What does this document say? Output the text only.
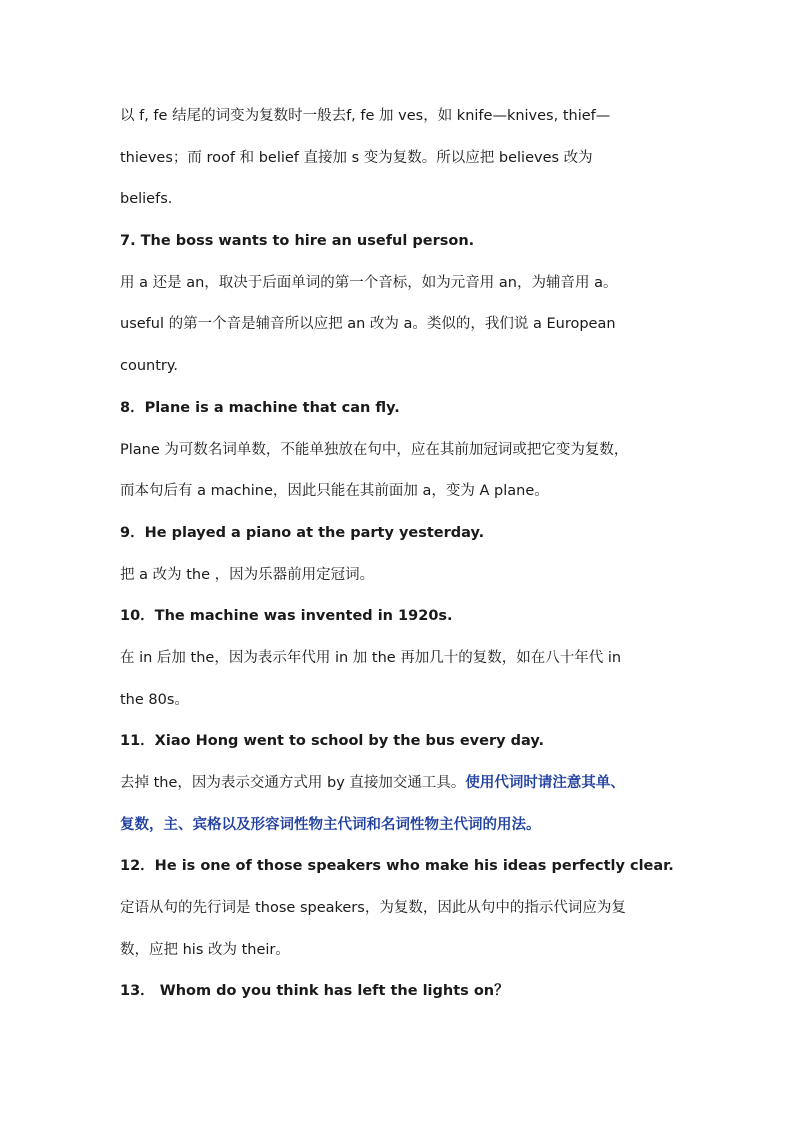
以 f, fe 结尾的词变为复数时一般去f, fe 加 ves，如 knife—knives, thief—
thieves；而 roof 和 belief 直接加 s 变为复数。所以应把 believes 改为
beliefs.
7. The boss wants to hire an useful person.
用 a 还是 an，取决于后面单词的第一个音标，如为元音用 an，为辅音用 a。
useful 的第一个音是辅音所以应把 an 改为 a。类似的，我们说 a European
country.
8．Plane is a machine that can fly.
Plane 为可数名词单数，不能单独放在句中，应在其前加冠词或把它变为复数，
而本句后有 a machine，因此只能在其前面加 a，变为 A plane。
9．He played a piano at the party yesterday.
把 a 改为 the ，因为乐器前用定冠词。
10．The machine was invented in 1920s.
在 in 后加 the，因为表示年代用 in 加 the 再加几十的复数，如在八十年代 in
the 80s。
11．Xiao Hong went to school by the bus every day.
去掉 the，因为表示交通方式用 by 直接加交通工具。使用代词时请注意其单、
复数，主、宾格以及形容词性物主代词和名词性物主代词的用法。
12．He is one of those speakers who make his ideas perfectly clear.
定语从句的先行词是 those speakers，为复数，因此从句中的指示代词应为复
数，应把 his 改为 their。
13． Whom do you think has left the lights on？
